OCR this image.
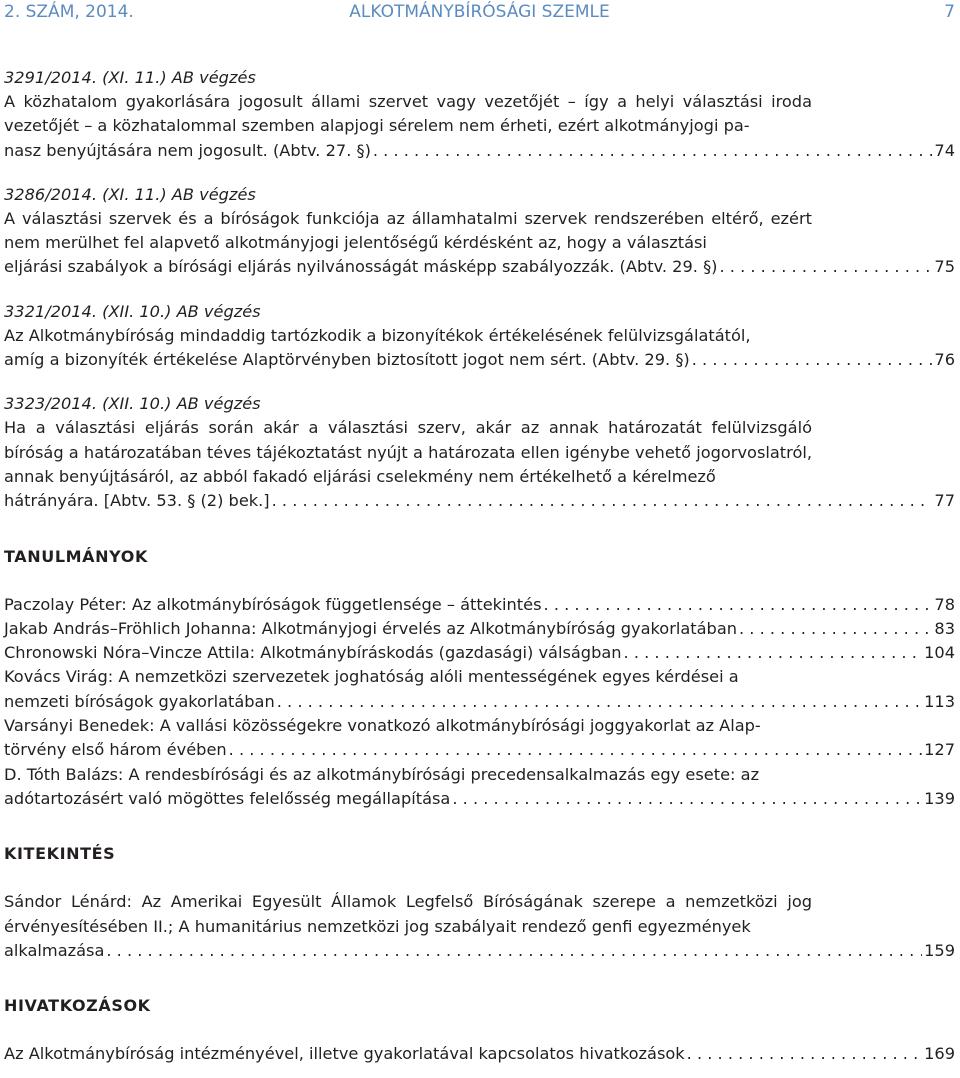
2. SZÁM, 2014.	ALKOTMÁNYBÍRÓSÁGI SZEMLE	7
3291/2014. (XI. 11.) AB végzés
A közhatalom gyakorlására jogosult állami szervet vagy vezetőjét – így a helyi választási iroda vezetőjét – a közhatalommal szemben alapjogi sérelem nem érheti, ezért alkotmányjogi pa-
nasz benyújtására nem jogosult. (Abtv. 27. §) . . .	74
3286/2014. (XI. 11.) AB végzés
A választási szervek és a bíróságok funkciója az államhatalmi szervek rendszerében eltérő, ezért nem merülhet fel alapvető alkotmányjogi jelentőségű kérdésként az, hogy a választási
eljárási szabályok a bírósági eljárás nyilvánosságát másképp szabályozzák. (Abtv. 29. §) . . .	75
3321/2014. (XII. 10.) AB végzés
Az Alkotmánybíróság mindaddig tartózkodik a bizonyítékok értékelésének felülvizsgálatától,
amíg a bizonyíték értékelése Alaptörvényben biztosított jogot nem sért. (Abtv. 29. §) . . .	76
3323/2014. (XII. 10.) AB végzés
Ha a választási eljárás során akár a választási szerv, akár az annak határozatát felülvizsgáló bíróság a határozatában téves tájékoztatást nyújt a határozata ellen igénybe vehető jogorvoslatról, annak benyújtásáról, az abból fakadó eljárási cselekmény nem értékelhető a kérelmező
hátrányára. [Abtv. 53. § (2) bek.] . . .	77
TANULMÁNYOK
Paczolay Péter: Az alkotmánybíróságok függetlensége – áttekintés . . .	78
Jakab András–Fröhlich Johanna: Alkotmányjogi érvelés az Alkotmánybíróság gyakorlatában . . .	83
Chronowski Nóra–Vincze Attila: Alkotmánybíráskodás (gazdasági) válságban . . .	104
Kovács Virág: A nemzetközi szervezetek joghatóság alóli mentességének egyes kérdései a
nemzeti bíróságok gyakorlatában . . .	113
Varsányi Benedek: A vallási közösségekre vonatkozó alkotmánybírósági joggyakorlat az Alap-
törvény első három évében . . .	127
D. Tóth Balázs: A rendesbírósági és az alkotmánybírósági precedensalkalmazás egy esete: az
adótartozásért való mögöttes felelősség megállapítása . . .	139
KITEKINTÉS
Sándor Lénárd: Az Amerikai Egyesült Államok Legfelső Bíróságának szerepe a nemzetközi jog érvényesítésében II.; A humanitárius nemzetközi jog szabályait rendező genfi egyezmények
alkalmazása . . .	159
HIVATKOZÁSOK
Az Alkotmánybíróság intézményével, illetve gyakorlatával kapcsolatos hivatkozások . . .	169
